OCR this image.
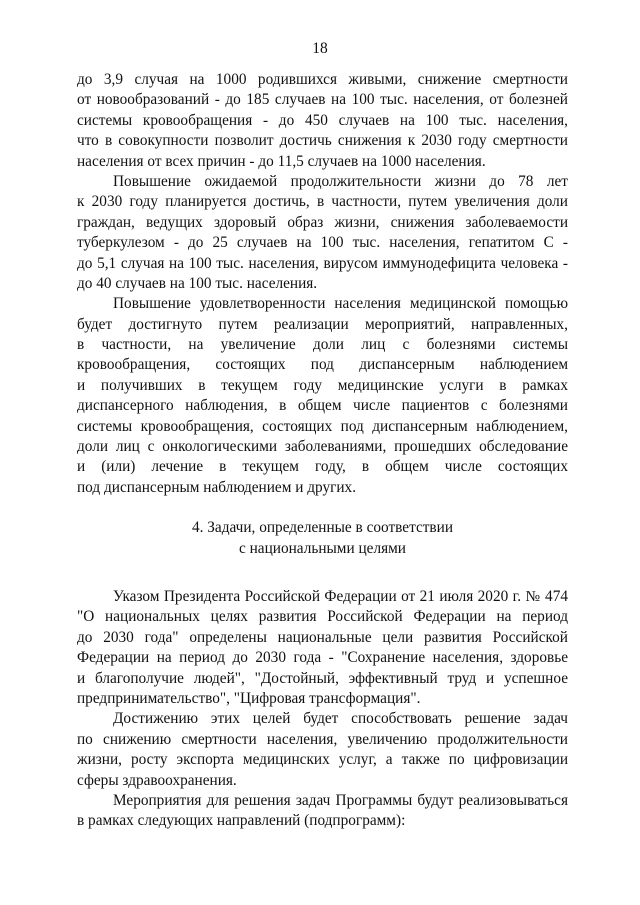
18
до 3,9 случая на 1000 родившихся живыми, снижение смертности
от новообразований - до 185 случаев на 100 тыс. населения, от болезней
системы кровообращения - до 450 случаев на 100 тыс. населения,
что в совокупности позволит достичь снижения к 2030 году смертности
населения от всех причин - до 11,5 случаев на 1000 населения.
Повышение ожидаемой продолжительности жизни до 78 лет
к 2030 году планируется достичь, в частности, путем увеличения доли
граждан, ведущих здоровый образ жизни, снижения заболеваемости
туберкулезом - до 25 случаев на 100 тыс. населения, гепатитом С -
до 5,1 случая на 100 тыс. населения, вирусом иммунодефицита человека -
до 40 случаев на 100 тыс. населения.
Повышение удовлетворенности населения медицинской помощью
будет достигнуто путем реализации мероприятий, направленных,
в частности, на увеличение доли лиц с болезнями системы
кровообращения, состоящих под диспансерным наблюдением
и получивших в текущем году медицинские услуги в рамках
диспансерного наблюдения, в общем числе пациентов с болезнями
системы кровообращения, состоящих под диспансерным наблюдением,
доли лиц с онкологическими заболеваниями, прошедших обследование
и (или) лечение в текущем году, в общем числе состоящих
под диспансерным наблюдением и других.
4. Задачи, определенные в соответствии
с национальными целями
Указом Президента Российской Федерации от 21 июля 2020 г. № 474
"О национальных целях развития Российской Федерации на период
до 2030 года" определены национальные цели развития Российской
Федерации на период до 2030 года - "Сохранение населения, здоровье
и благополучие людей", "Достойный, эффективный труд и успешное
предпринимательство", "Цифровая трансформация".
Достижению этих целей будет способствовать решение задач
по снижению смертности населения, увеличению продолжительности
жизни, росту экспорта медицинских услуг, а также по цифровизации
сферы здравоохранения.
Мероприятия для решения задач Программы будут реализовываться
в рамках следующих направлений (подпрограмм):
